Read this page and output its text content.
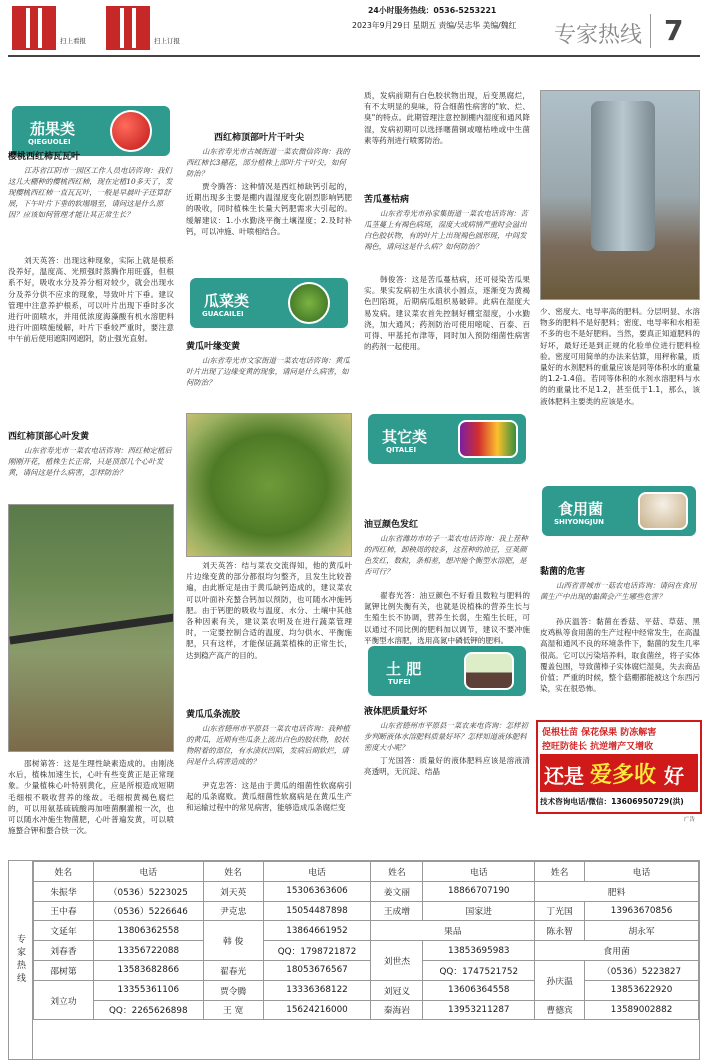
扫上看报	扫上订报
24小时服务热线：0536-5253221
2023年9月29日 星期五 责编/吴志华 美编/魏红 专家热线 7
茄果类
QIEGUOLEI
樱桃西红柿瓦瓦叶
江苏省江阴市一园区工作人员电话咨询：我们这儿大棚种的樱桃西红柿，现在定植10多天了，发现樱桃西红柿一直瓦瓦叶，一般是早晨叶子还算舒展，下午叶片下垂的软塌塌至，请问这是什么原因？应该如何管理才能让其正常生长？
刘天英答：出现这种现象，实际上就是根系没养好，温度高、光照强时蒸腾作用旺盛，但根系不好，吸收水分及养分相对较少，就会出现水分及养分供不应求的现象，导致叶片下垂。建议管理中注意养护根系，可以叶片出现下垂时多次进行叶面喷水，并用低浓度海藻酸有机水溶肥料进行叶面喷施缓解，叶片下垂较严重时，要注意中午前后使用遮阳网遮阴，防止强光直射。
西红柿顶部心叶发黄
山东省寿光市一菜农电话咨询：西红柿定植后刚刚开花，植株生长正常，只是顶部几个心叶发黄，请问这是什么病害，怎样防治？
邵树第答：这是生理性缺素造成的。由刚浇水后，植株加速生长，心叶有些变黄正是正常现象。少量植株心叶特别黄化，应是所根造成短期毛细根不吸收营养的缘故。毛细根黄褐色腐烂的，可以用氨基硫硫酸再加喹菌酮灌根一次，也可以随水冲施生物菌肥，心叶普遍发黄，可以喷施螯合钾和螯合铁一次。
西红柿顶部叶片干叶尖
山东省寿光市古城街道一菜农微信咨询：我的西红柿长3穗花，部分植株上部叶片干叶尖，如何防治？
贾令腾答：这种情况是西红柿缺钙引起的，近期出现多主要是棚内温湿度变化剧烈影响钙肥的吸收，同时植株生长量大钙肥需求大引起的。缓解建议：1.小水勤浇平衡土壤湿度；2.及时补钙，可以冲施、叶喷相结合。
瓜菜类
GUACAILEI
黄瓜叶缘变黄
山东省寿光市文家街道一菜农电话咨询：黄瓜叶片出现了边缘变黄的现象，请问是什么病害，如何防治？
刘天英答：结与菜农交流得知，他的黄瓜叶片边缘变黄的部分都很均匀整齐，且发生比较普遍，由此断定是由于黄瓜缺钙造成的，建议菜农可以叶面补充螯合钙加以预防，也可随水冲施钙肥。由于钙肥的吸收与温度、水分、土壤中其他各种因素有关，建议菜农明及在进行蔬菜管理时，一定要控制合适的温度、均匀供水、平衡施肥，只有这样，才能保证蔬菜植株的正常生长，达到稳产高产的目的。
黄瓜瓜条流胶
山东省德州市平原县一菜农电话咨询：我种植的黄瓜，近期有些瓜条上流出白色的胶状物，胶状物附着的部位，有水渍状凹陷，发病后期软烂，请问是什么病害造成的？
尹克忠答：这是由于黄瓜的细菌性软腐病引起的瓜条腐败。黄瓜细菌性软腐病是在黄瓜生产和运输过程中的常见病害，能够造成瓜条腐烂变
质，发病前期有白色胶状物出现，后变黑腐烂，有不太明显的臭味，符合细菌性病害的"软、烂、臭"的特点。此期管理注意控制棚内湿度和通风降湿，发病初期可以选择噻菌铜或噻枯唑或中生菌素等药剂进行喷雾防治。
苦瓜蔓枯病
山东省寿光市孙家集街道一菜农电话咨询：苦瓜茎蔓上有褐色病斑，湿度大或病情严重时会溢出白色胶状物，有的叶片上出现褐色圆形斑，中间发褐色，请问这是什么病？如何防治？
韩俊答：这是苦瓜蔓枯病，还可侵染苦瓜果实。果实发病初生水渍状小圆点，逐渐变为黄褐色凹陷斑，后期病瓜组织易破碎。此病在湿度大易发病。建议菜农首先控制好棚室湿度，小水勤浇，加大通风；药剂防治可使用嘧啶、百泰、百可得、甲基托布津等，同时加入预防细菌性病害的药剂一起使用。
其它类
QITALEI
油豆颜色发红
山东省潍坊市坊子一菜农电话咨询：我上茬种的西红柿，卸秧周的较多，这茬种的油豆，豆荚颜色发红，数粒，条相差，想冲施个衡型水溶肥，是否可行？
翟春光答：油豆颜色不好看且数粒与肥料的氮钾比例失衡有关，也就是说植株的营养生长与生殖生长不协调，营养生长弱，生殖生长旺，可以通过不同比例的肥料加以调节，建议不要冲施平衡型水溶肥，选用高氮中磷低钾的肥料。
土 肥
TUFEI
液体肥质量好坏
山东省德州市平原县一菜农来电咨询：怎样初步判断液体水溶肥料质量好坏？怎样知道液体肥料密度大小呢？
丁光国答：质量好的液体肥料应该是溶液清亮透明，无沉淀、结晶
少、密度大、电导率高的肥料。分层明显、水溶物多的肥料不是好肥料；密度、电导率和水相差不多的也不是好肥料。当然，要真正知道肥料的好坏，最好还是到正规的化验单位进行肥料检验。密度可用简单的办法来估算，用秤称量，质量好的水剂肥料的重量应该是同等体积水的重量的1.2-1.4倍。若同等体积的水剂水溶肥料与水的的重量比不足1.2，甚至低于1.1，那么，该液体肥料主要类的应该是水。
食用菌
SHIYONGJUN
黏菌的危害
山西省晋城市一菇农电话咨询：请问在食用菌生产中出现的黏菌会产生哪些危害？
孙庆温答：黏菌在香菇、平菇、草菇、黑皮鸡枞等食用菌的生产过程中经常发生，在高温高湿和通风不良的环境条件下，黏菌的发生几率很高。它可以污染培养料，取食菌丝，将子实体覆盖包围，导致菌棒子实体腐烂湿臭，失去商品价值；严重的时候，整个菇棚都能被这个东西污染，实在很恐怖。
促根壮苗 保花保果 防冻解害
控旺防徒长 抗逆增产又增收
还是 爱多收 好
技术咨询电话/微信：13606950729(洪)
广告
专家热线
姓名	电话	姓名	电话	姓名	电话	姓名	电话
朱振华	（0536）5223025	刘天英	15306363606	姜文丽	18866707190	肥料	
王中春	（0536）5226646	尹克忠	15054487898	王成增	国家进	丁光国	13963670856
文延年	13806362558	韩 俊	13864661952	果品		陈永智	胡永军
刘春香	13356722088		QQ：1798721872	刘世杰	13853695983	食用菌	
邵树第	13583682866	翟春光	18053676567		QQ：1747521752	孙庆温	（0536）5223827
刘立功	13355361106	贾令腾	13336368122	刘冠义	13606364558		13853622920
	QQ：2265626898	王 宽	15624216000	秦海岩	13953211287	曹德宾	13589002882
